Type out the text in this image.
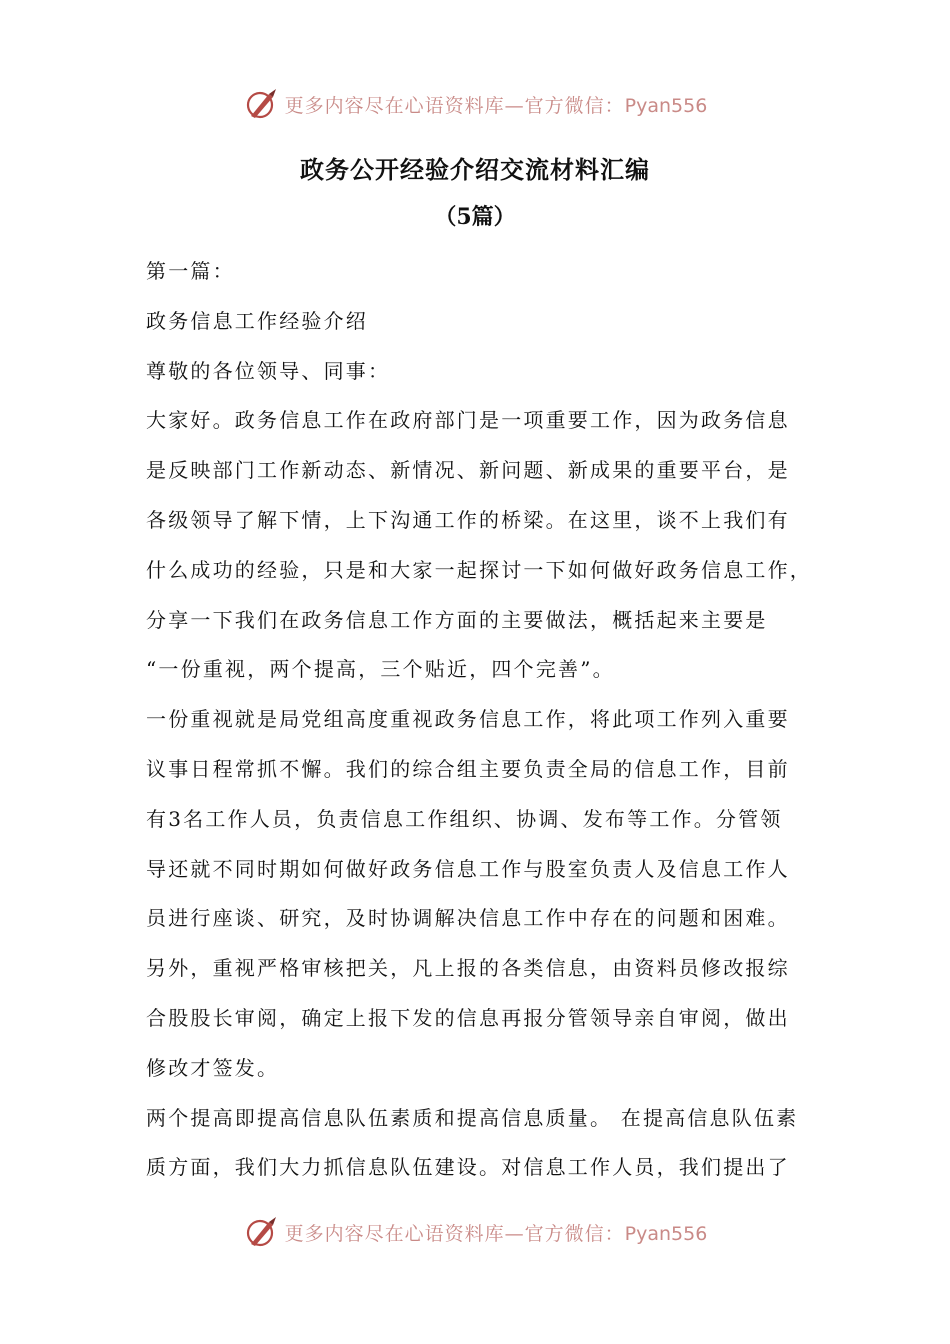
更多内容尽在心语资料库—官方微信：Pyan556
政务公开经验介绍交流材料汇编
（5篇）
第一篇：
政务信息工作经验介绍
尊敬的各位领导、同事：
大家好。政务信息工作在政府部门是一项重要工作，因为政务信息
是反映部门工作新动态、新情况、新问题、新成果的重要平台，是
各级领导了解下情，上下沟通工作的桥梁。在这里，谈不上我们有
什么成功的经验，只是和大家一起探讨一下如何做好政务信息工作，
分享一下我们在政务信息工作方面的主要做法，概括起来主要是
“一份重视，两个提高，三个贴近，四个完善”。
一份重视就是局党组高度重视政务信息工作，将此项工作列入重要
议事日程常抓不懈。我们的综合组主要负责全局的信息工作，目前
有3名工作人员，负责信息工作组织、协调、发布等工作。分管领
导还就不同时期如何做好政务信息工作与股室负责人及信息工作人
员进行座谈、研究，及时协调解决信息工作中存在的问题和困难。
另外，重视严格审核把关，凡上报的各类信息，由资料员修改报综
合股股长审阅，确定上报下发的信息再报分管领导亲自审阅，做出
修改才签发。
两个提高即提高信息队伍素质和提高信息质量。 在提高信息队伍素
质方面，我们大力抓信息队伍建设。对信息工作人员，我们提出了
更多内容尽在心语资料库—官方微信：Pyan556
